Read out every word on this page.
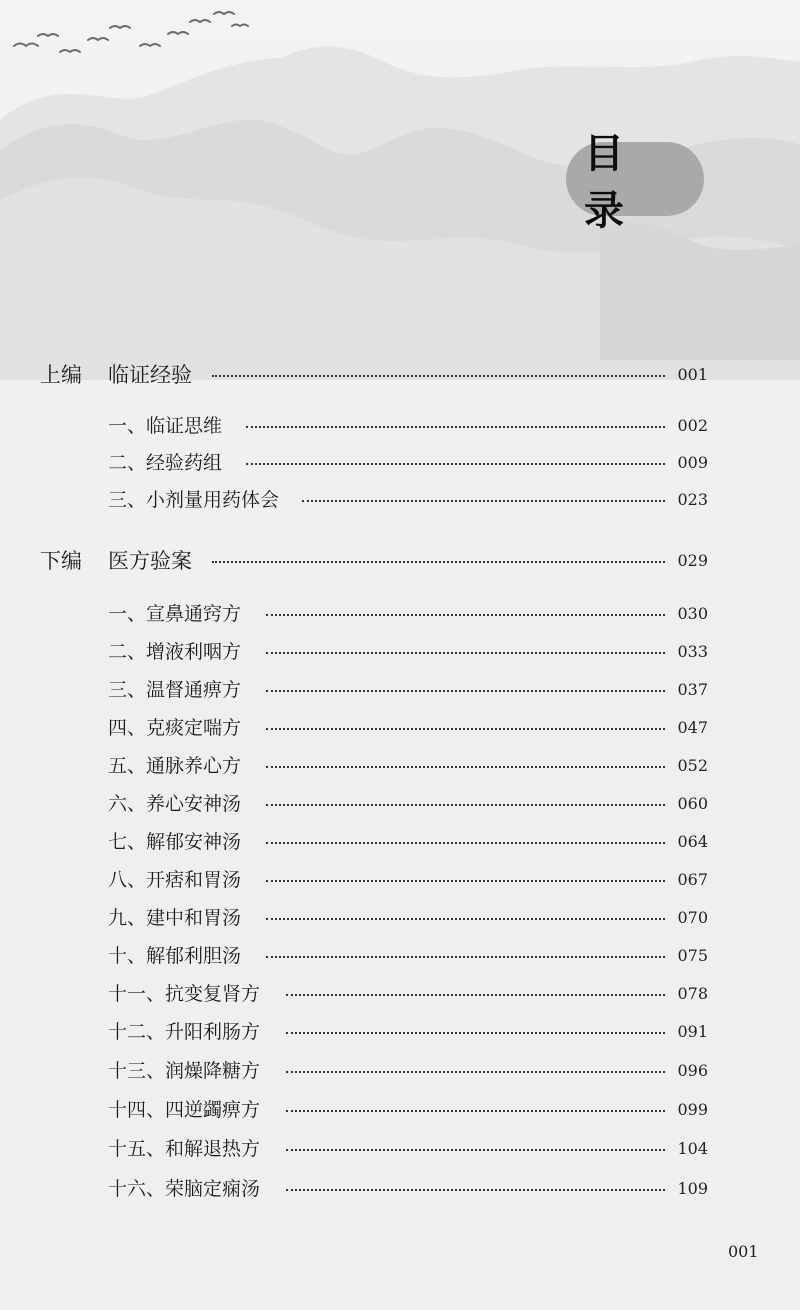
目 录
上编 临证经验	001
一、临证思维	002
二、经验药组	009
三、小剂量用药体会	023
下编 医方验案	029
一、宣鼻通窍方	030
二、增液利咽方	033
三、温督通痹方	037
四、克痰定喘方	047
五、通脉养心方	052
六、养心安神汤	060
七、解郁安神汤	064
八、开痞和胃汤	067
九、建中和胃汤	070
十、解郁利胆汤	075
十一、抗变复肾方	078
十二、升阳利肠方	091
十三、润燥降糖方	096
十四、四逆蠲痹方	099
十五、和解退热方	104
十六、荣脑定痫汤	109
001
